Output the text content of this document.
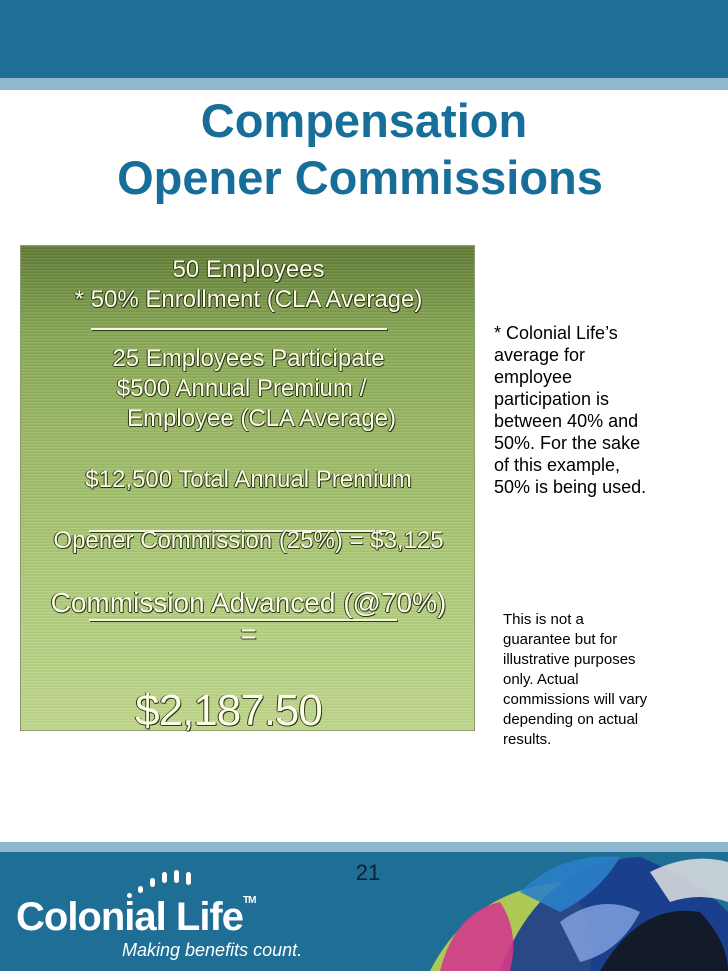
Compensation
Opener Commissions
50 Employees
* 50% Enrollment (CLA Average)
25 Employees Participate
$500 Annual Premium /
Employee (CLA Average)
$12,500 Total Annual Premium
Opener Commission (25%) = $3,125
Commission Advanced (@70%)
=
$2,187.50
* Colonial Life’s
average for
employee
participation is
between 40% and
50%. For the sake
of this example,
50% is being used.
This is not a
guarantee but for
illustrative purposes
only. Actual
commissions will vary
depending on actual
results.
21
Colonial Life™
Making benefits count.
